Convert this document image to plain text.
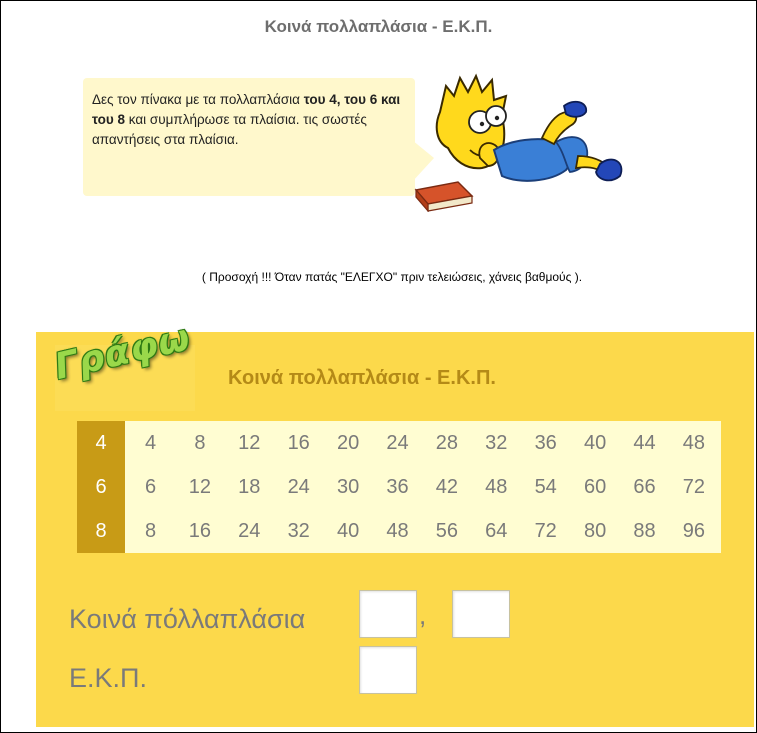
Κοινά πολλαπλάσια - Ε.Κ.Π.
Δες τον πίνακα με τα πολλαπλάσια του 4, του 6 και του 8 και συμπλήρωσε τα πλαίσια. τις σωστές απαντήσεις στα πλαίσια.
( Προσοχή !!! Όταν πατάς "ΕΛΕΓΧΟ" πριν τελειώσεις, χάνεις βαθμούς ).
Γράφω Κοινά πολλαπλάσια - Ε.Κ.Π.
4	4	8	12	16	20	24	28	32	36	40	44	48
6	6	12	18	24	30	36	42	48	54	60	66	72
8	8	16	24	32	40	48	56	64	72	80	88	96
Κοινά πόλλαπλάσια	,
Ε.Κ.Π.
